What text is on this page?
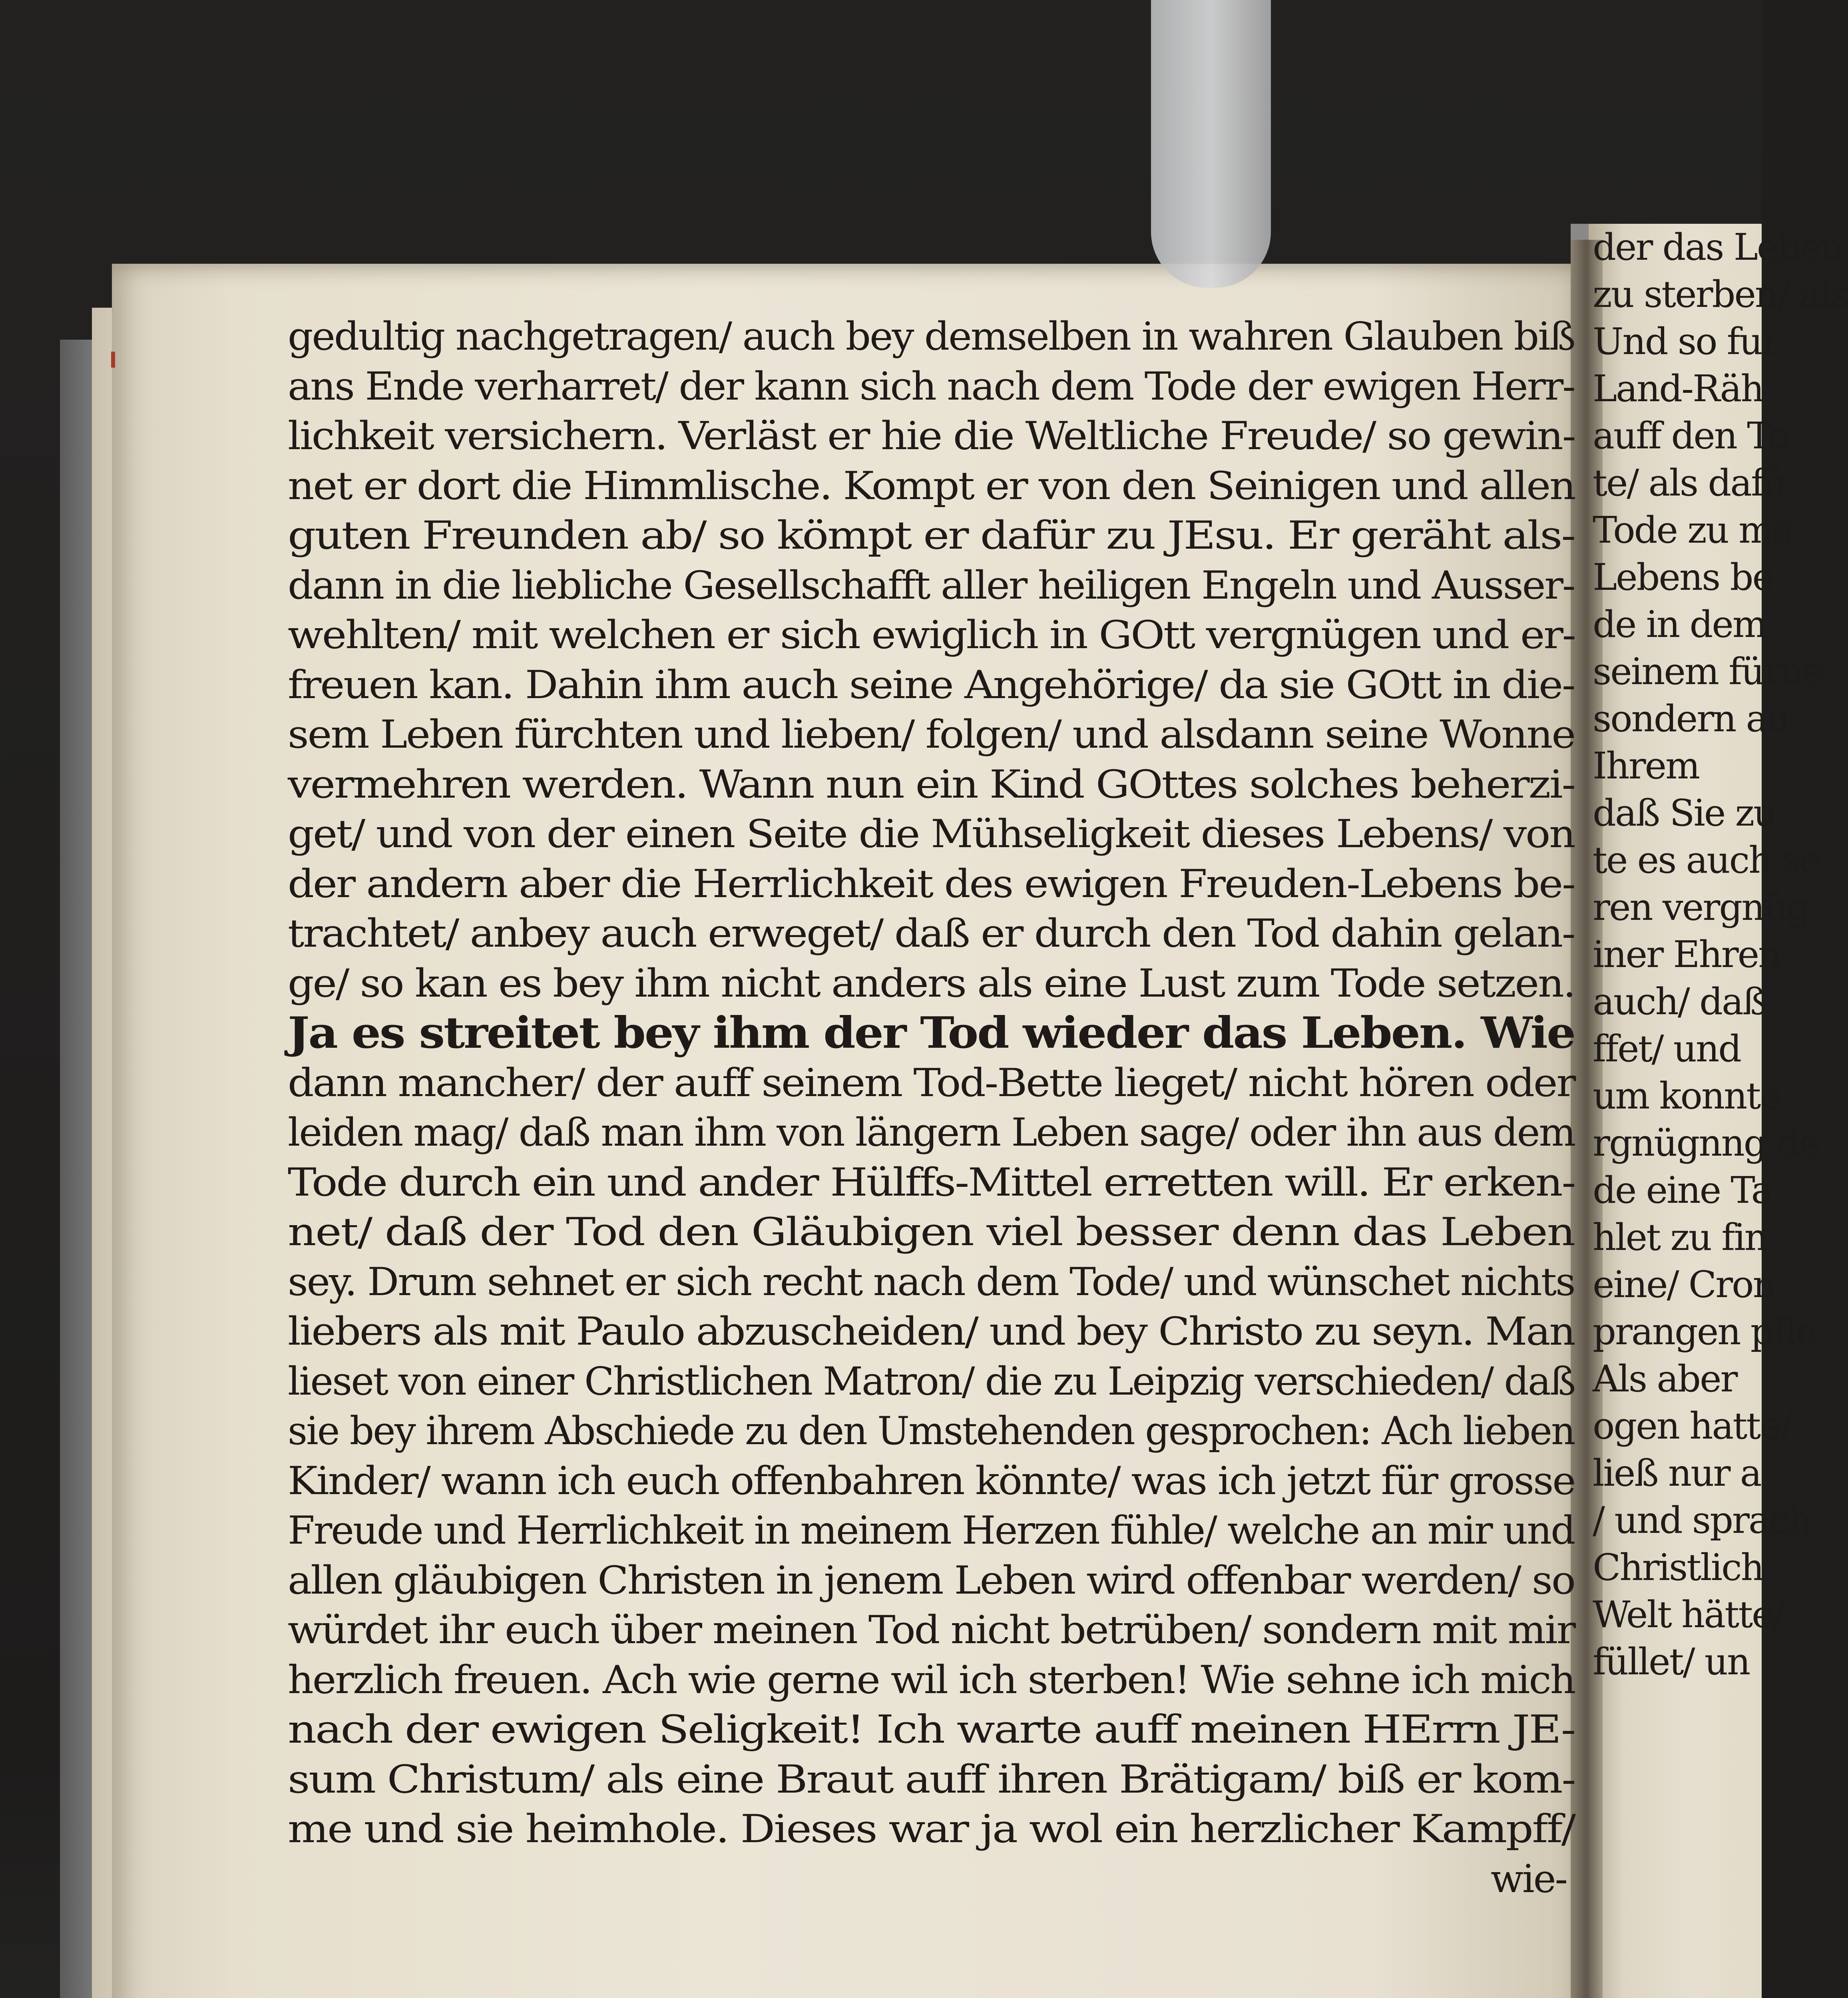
gedultig nachgetragen/ auch bey demselben in wahren Glauben biß
ans Ende verharret/ der kann sich nach dem Tode der ewigen Herr-
lichkeit versichern. Verläst er hie die Weltliche Freude/ so gewin-
net er dort die Himmlische. Kompt er von den Seinigen und allen
guten Freunden ab/ so kömpt er dafür zu JEsu. Er geräht als-
dann in die liebliche Gesellschafft aller heiligen Engeln und Ausser-
wehlten/ mit welchen er sich ewiglich in GOtt vergnügen und er-
freuen kan. Dahin ihm auch seine Angehörige/ da sie GOtt in die-
sem Leben fürchten und lieben/ folgen/ und alsdann seine Wonne
vermehren werden. Wann nun ein Kind GOttes solches beherzi-
get/ und von der einen Seite die Mühseligkeit dieses Lebens/ von
der andern aber die Herrlichkeit des ewigen Freuden-Lebens be-
trachtet/ anbey auch erweget/ daß er durch den Tod dahin gelan-
ge/ so kan es bey ihm nicht anders als eine Lust zum Tode setzen.
Ja es streitet bey ihm der Tod wieder das Leben. Wie
dann mancher/ der auff seinem Tod-Bette lieget/ nicht hören oder
leiden mag/ daß man ihm von längern Leben sage/ oder ihn aus dem
Tode durch ein und ander Hülffs-Mittel erretten will. Er erken-
net/ daß der Tod den Gläubigen viel besser denn das Leben
sey. Drum sehnet er sich recht nach dem Tode/ und wünschet nichts
liebers als mit Paulo abzuscheiden/ und bey Christo zu seyn. Man
lieset von einer Christlichen Matron/ die zu Leipzig verschieden/ daß
sie bey ihrem Abschiede zu den Umstehenden gesprochen: Ach lieben
Kinder/ wann ich euch offenbahren könnte/ was ich jetzt für grosse
Freude und Herrlichkeit in meinem Herzen fühle/ welche an mir und
allen gläubigen Christen in jenem Leben wird offenbar werden/ so
würdet ihr euch über meinen Tod nicht betrüben/ sondern mit mir
herzlich freuen. Ach wie gerne wil ich sterben! Wie sehne ich mich
nach der ewigen Seligkeit! Ich warte auff meinen HErrn JE-
sum Christum/ als eine Braut auff ihren Brätigam/ biß er kom-
me und sie heimhole. Dieses war ja wol ein herzlicher Kampff/
wie-
der das Leben
zu sterben/ als
Und so fur
Land-Räh
auff den To
te/ als dafü
Tode zu ma
Lebens be
de in dem
seinem fürne
sondern au
Ihrem
daß Sie zu
te es auch se
ren vergnüg
iner Ehren
auch/ daß
ffet/ und
um konnte
rgnügnng de
de eine Ta
hlet zu fin
eine/ Cron
prangen pfle
Als aber
ogen hatte/
ließ nur a
/ und sprach
Christlich
Welt hätte/
füllet/ un
